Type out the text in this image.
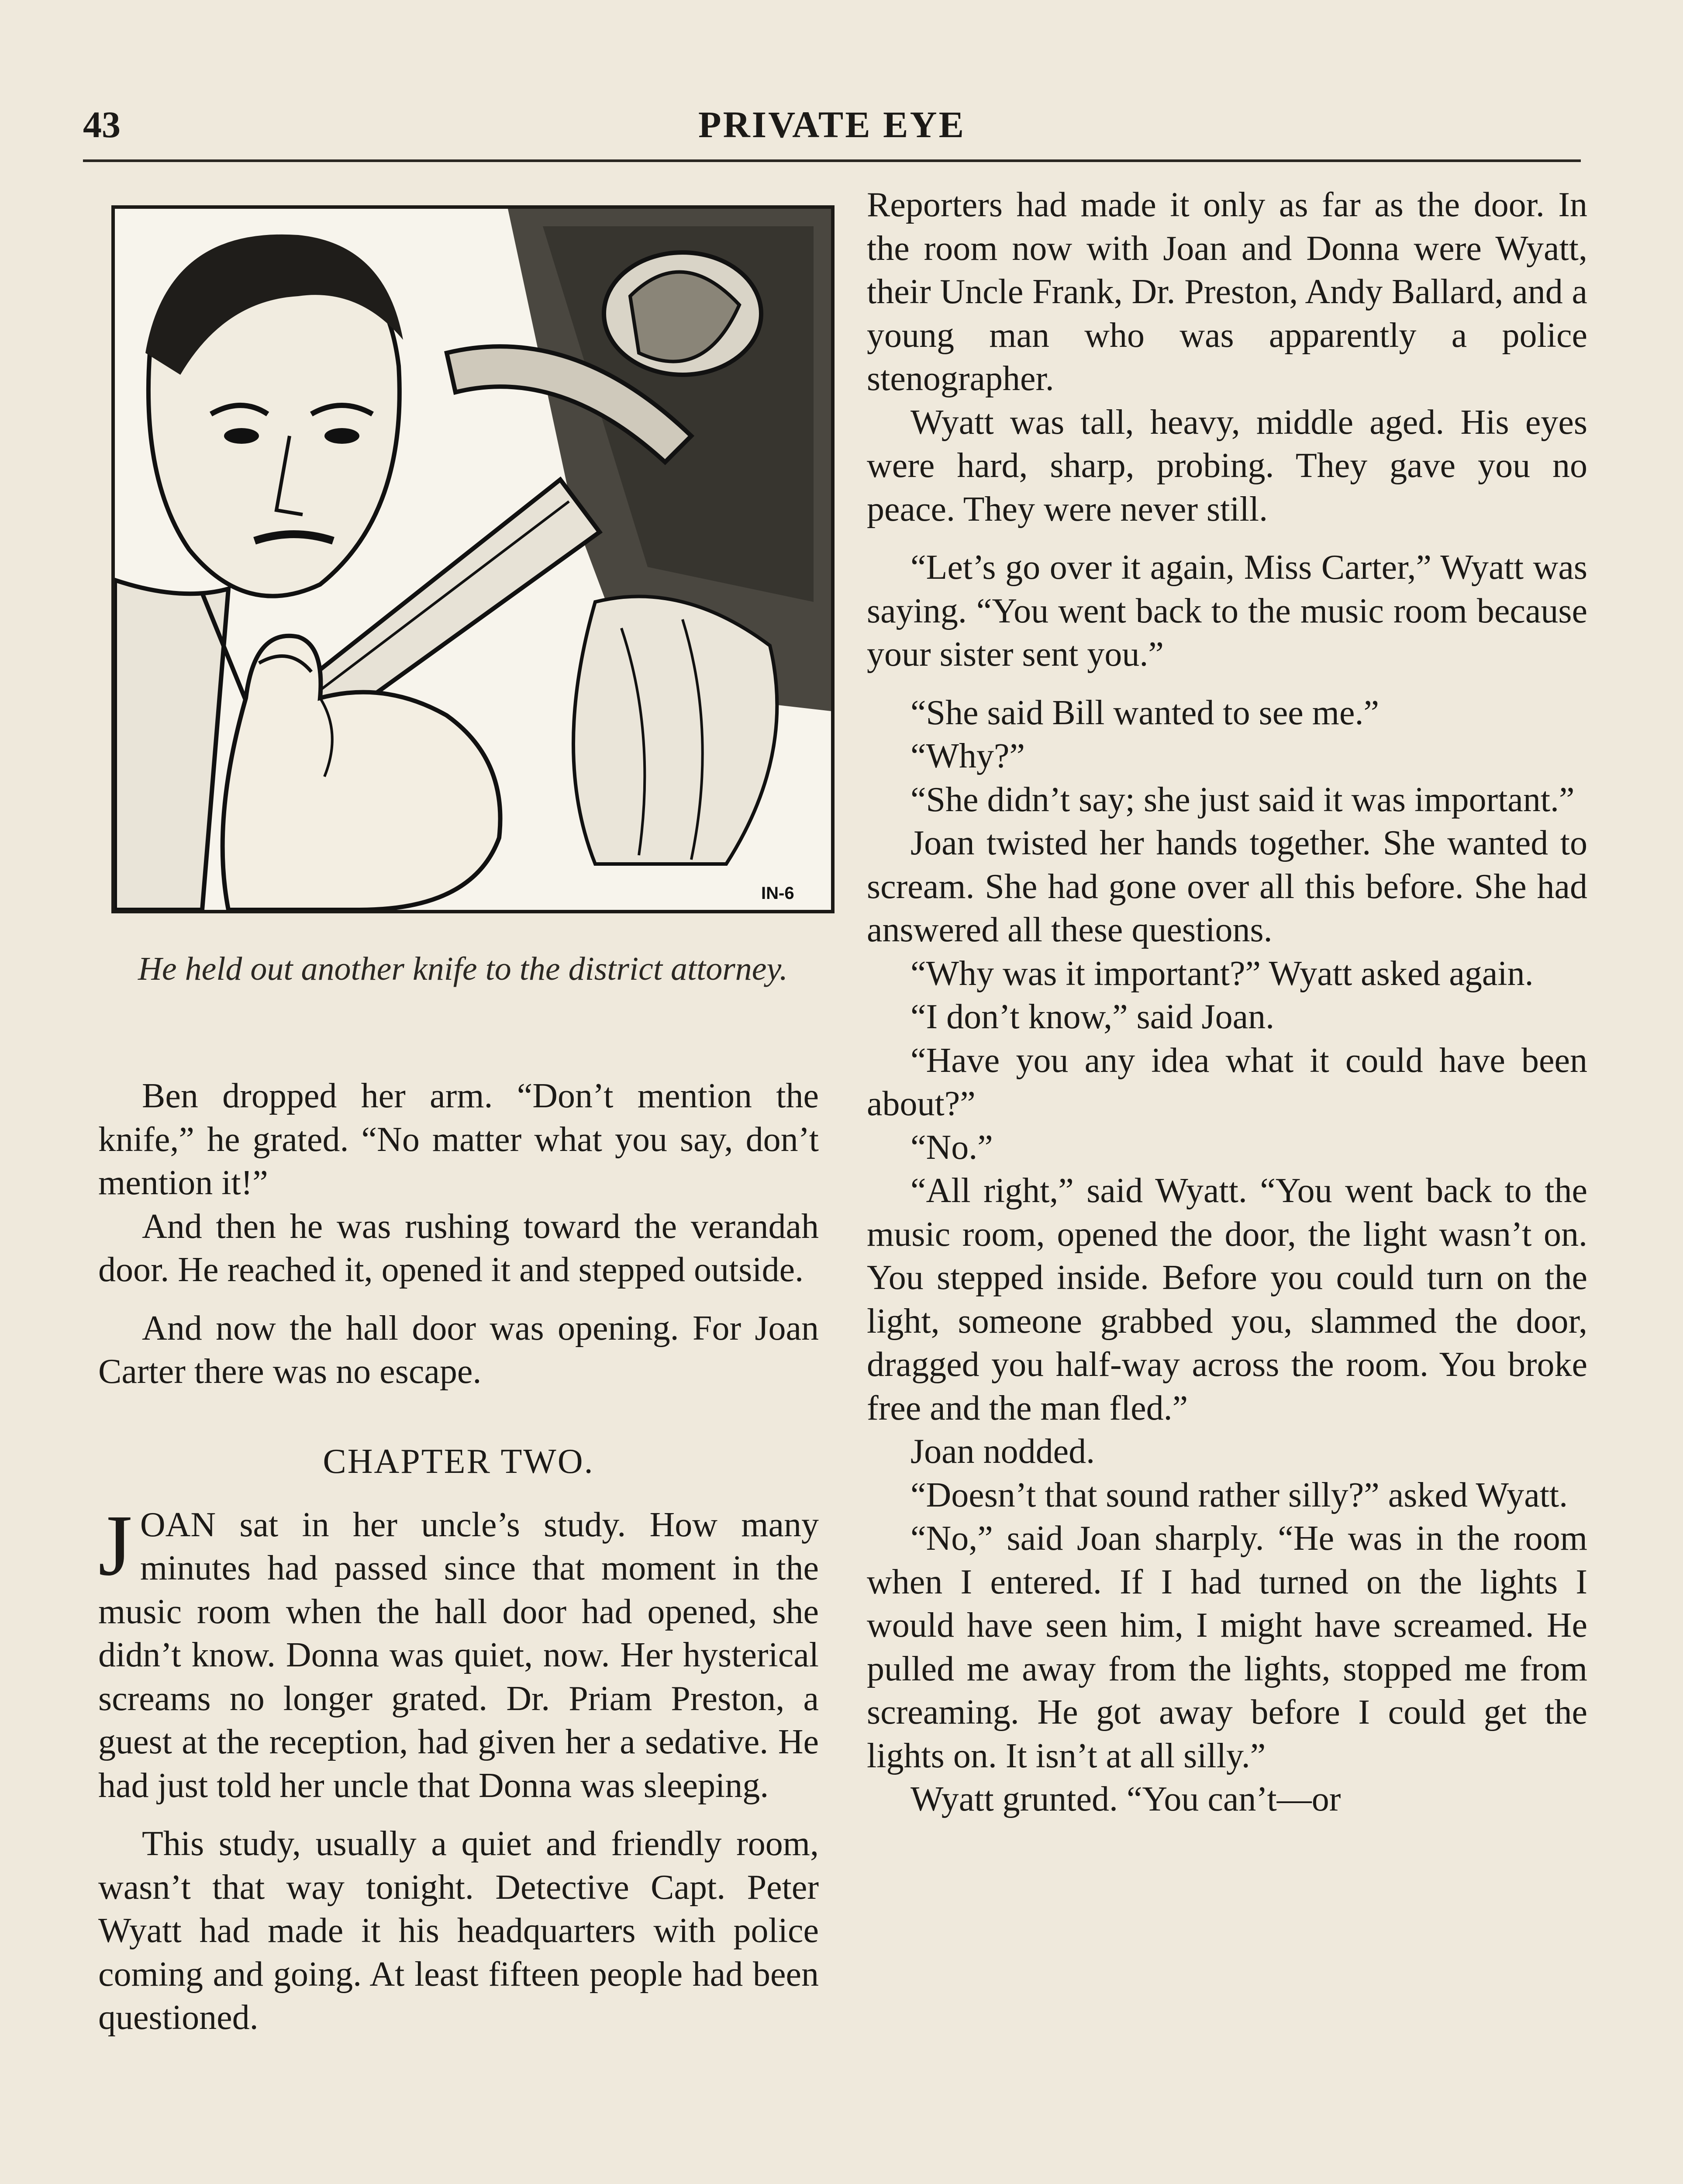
43	PRIVATE EYE
IN-6
He held out another knife to the district attorney.

Ben dropped her arm. “Don’t mention the knife,” he grated. “No matter what you say, don’t mention it!”

And then he was rushing toward the verandah door. He reached it, opened it and stepped outside.

And now the hall door was opening. For Joan Carter there was no escape.

CHAPTER TWO.

JOAN sat in her uncle’s study. How many minutes had passed since that moment in the music room when the hall door had opened, she didn’t know. Donna was quiet, now. Her hysterical screams no longer grated. Dr. Priam Preston, a guest at the reception, had given her a sedative. He had just told her uncle that Donna was sleeping.

This study, usually a quiet and friendly room, wasn’t that way tonight. Detective Capt. Peter Wyatt had made it his headquarters with police coming and going. At least fifteen people had been questioned.

Reporters had made it only as far as the door. In the room now with Joan and Donna were Wyatt, their Uncle Frank, Dr. Preston, Andy Ballard, and a young man who was apparently a police stenographer.

Wyatt was tall, heavy, middle aged. His eyes were hard, sharp, probing. They gave you no peace. They were never still.

“Let’s go over it again, Miss Carter,” Wyatt was saying. “You went back to the music room because your sister sent you.”

“She said Bill wanted to see me.”

“Why?”

“She didn’t say; she just said it was important.”

Joan twisted her hands together. She wanted to scream. She had gone over all this before. She had answered all these questions.

“Why was it important?” Wyatt asked again.

“I don’t know,” said Joan.

“Have you any idea what it could have been about?”

“No.”

“All right,” said Wyatt. “You went back to the music room, opened the door, the light wasn’t on. You stepped inside. Before you could turn on the light, someone grabbed you, slammed the door, dragged you half-way across the room. You broke free and the man fled.”

Joan nodded.

“Doesn’t that sound rather silly?” asked Wyatt.

“No,” said Joan sharply. “He was in the room when I entered. If I had turned on the lights I would have seen him, I might have screamed. He pulled me away from the lights, stopped me from screaming. He got away before I could get the lights on. It isn’t at all silly.”

Wyatt grunted. “You can’t—or
